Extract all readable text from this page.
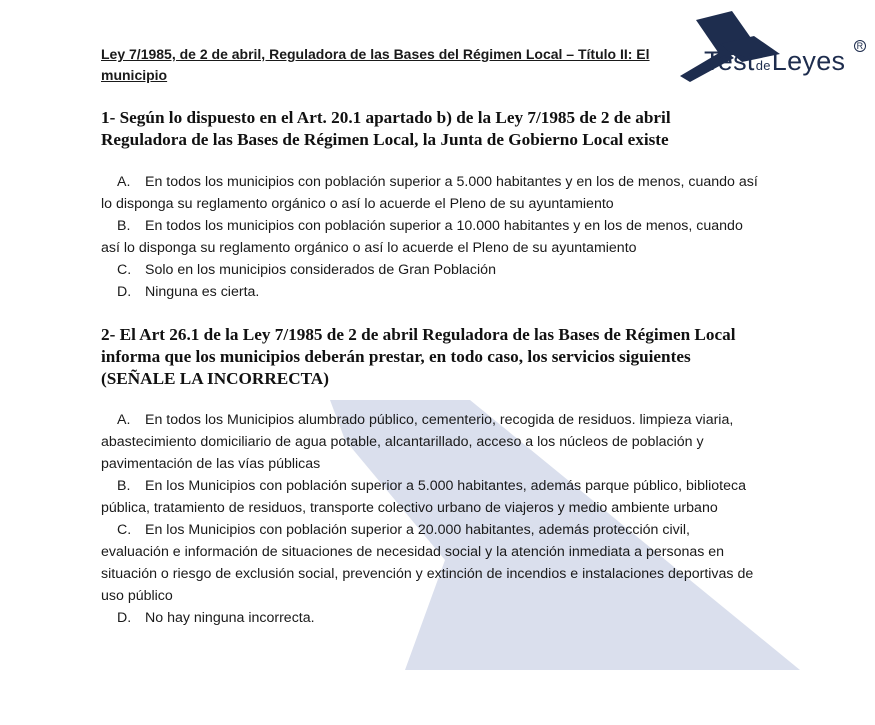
TestdeLeyes R
Ley 7/1985, de 2 de abril, Reguladora de las Bases del Régimen Local – Título II: El municipio
1- Según lo dispuesto en el Art. 20.1 apartado b) de la Ley 7/1985 de 2 de abril Reguladora de las Bases de Régimen Local, la Junta de Gobierno Local existe

A. En todos los municipios con población superior a 5.000 habitantes y en los de menos, cuando así lo disponga su reglamento orgánico o así lo acuerde el Pleno de su ayuntamiento

B. En todos los municipios con población superior a 10.000 habitantes y en los de menos, cuando así lo disponga su reglamento orgánico o así lo acuerde el Pleno de su ayuntamiento

C. Solo en los municipios considerados de Gran Población

D. Ninguna es cierta.

2- El Art 26.1 de la Ley 7/1985 de 2 de abril Reguladora de las Bases de Régimen Local informa que los municipios deberán prestar, en todo caso, los servicios siguientes (SEÑALE LA INCORRECTA)

A. En todos los Municipios alumbrado público, cementerio, recogida de residuos. limpieza viaria, abastecimiento domiciliario de agua potable, alcantarillado, acceso a los núcleos de población y pavimentación de las vías públicas

B. En los Municipios con población superior a 5.000 habitantes, además parque público, biblioteca pública, tratamiento de residuos, transporte colectivo urbano de viajeros y medio ambiente urbano

C. En los Municipios con población superior a 20.000 habitantes, además protección civil, evaluación e información de situaciones de necesidad social y la atención inmediata a personas en situación o riesgo de exclusión social, prevención y extinción de incendios e instalaciones deportivas de uso público

D. No hay ninguna incorrecta.
